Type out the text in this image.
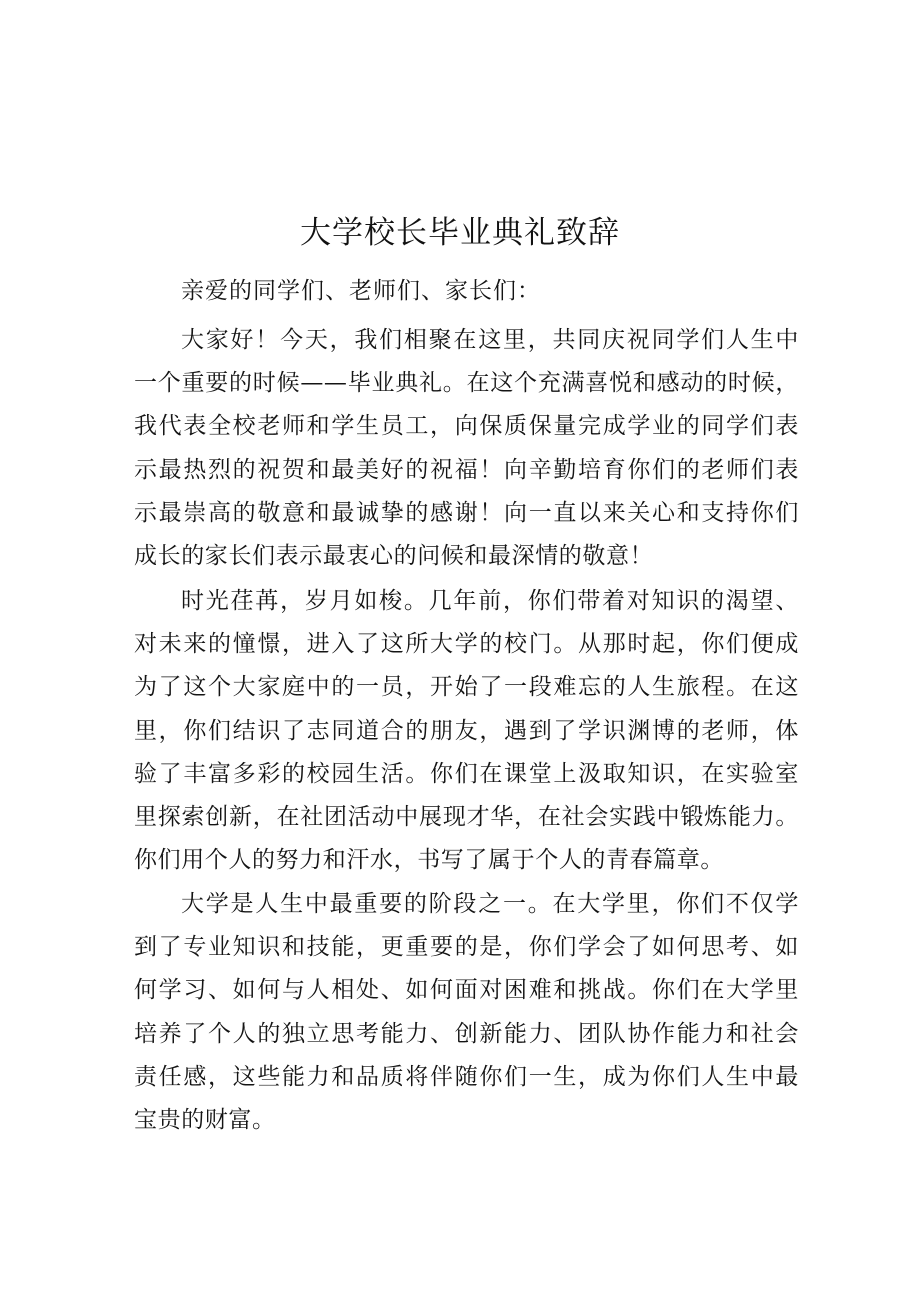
大学校长毕业典礼致辞

亲爱的同学们、老师们、家长们：

大家好！今天，我们相聚在这里，共同庆祝同学们人生中 一个重要的时候——毕业典礼。在这个充满喜悦和感动的时候，我代表全校老师和学生员工，向保质保量完成学业的同学们表 示最热烈的祝贺和最美好的祝福！向辛勤培育你们的老师们表 示最崇高的敬意和最诚挚的感谢！向一直以来关心和支持你们 成长的家长们表示最衷心的问候和最深情的敬意！

时光荏苒，岁月如梭。几年前，你们带着对知识的渴望、 对未来的憧憬，进入了这所大学的校门。从那时起，你们便成 为了这个大家庭中的一员，开始了一段难忘的人生旅程。在这 里，你们结识了志同道合的朋友，遇到了学识渊博的老师，体 验了丰富多彩的校园生活。你们在课堂上汲取知识，在实验室 里探索创新，在社团活动中展现才华，在社会实践中锻炼能力。 你们用个人的努力和汗水，书写了属于个人的青春篇章。

大学是人生中最重要的阶段之一。在大学里，你们不仅学 到了专业知识和技能，更重要的是，你们学会了如何思考、如 何学习、如何与人相处、如何面对困难和挑战。你们在大学里 培养了个人的独立思考能力、创新能力、团队协作能力和社会 责任感，这些能力和品质将伴随你们一生，成为你们人生中最 宝贵的财富。
